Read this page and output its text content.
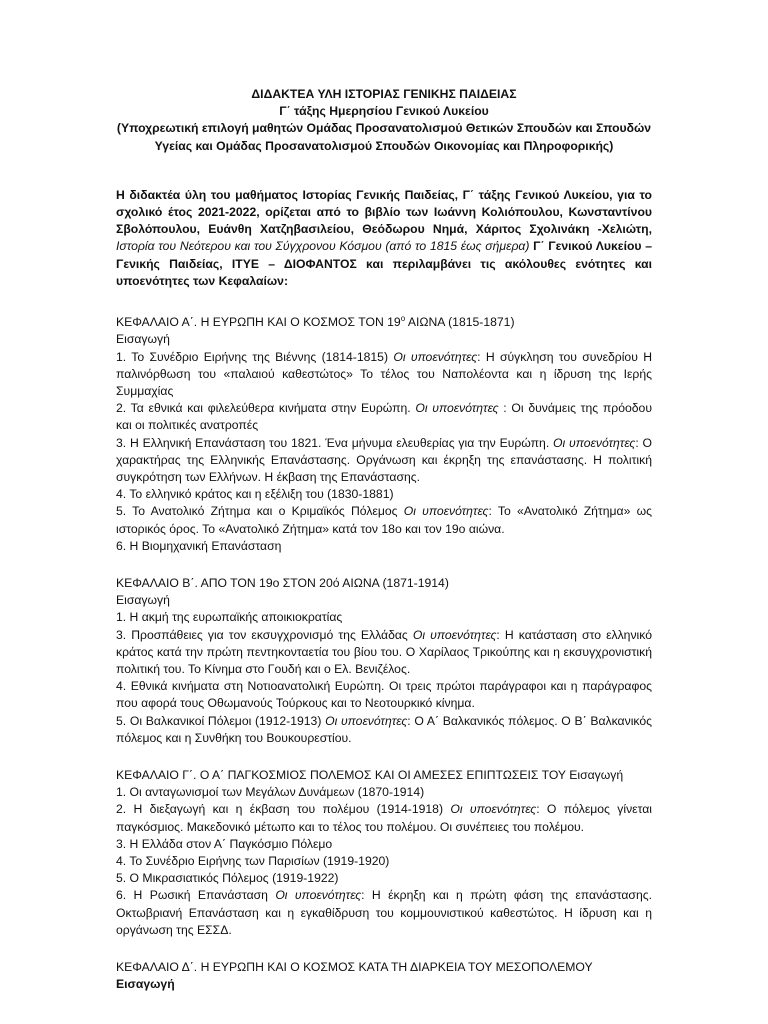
ΔΙΔΑΚΤΕΑ ΥΛΗ ΙΣΤΟΡΙΑΣ ΓΕΝΙΚΗΣ ΠΑΙΔΕΙΑΣ
Γ΄ τάξης Ημερησίου Γενικού Λυκείου
(Υποχρεωτική επιλογή μαθητών Ομάδας Προσανατολισμού Θετικών Σπουδών και Σπουδών
Υγείας και Ομάδας Προσανατολισμού Σπουδών Οικονομίας και Πληροφορικής)
Η διδακτέα ύλη του μαθήματος Ιστορίας Γενικής Παιδείας, Γ΄ τάξης Γενικού Λυκείου, για το σχολικό έτος 2021-2022, ορίζεται από το βιβλίο των Ιωάννη Κολιόπουλου, Κωνσταντίνου Σβολόπουλου, Ευάνθη Χατζηβασιλείου, Θεόδωρου Νημά, Χάριτος Σχολινάκη -Χελιώτη, Ιστορία του Νεότερου και του Σύγχρονου Κόσμου (από το 1815 έως σήμερα) Γ΄ Γενικού Λυκείου – Γενικής Παιδείας, ΙΤΥΕ – ΔΙΟΦΑΝΤΟΣ και περιλαμβάνει τις ακόλουθες ενότητες και υποενότητες των Κεφαλαίων:
ΚΕΦΑΛΑΙΟ Α΄. Η ΕΥΡΩΠΗ ΚΑΙ Ο ΚΟΣΜΟΣ ΤΟΝ $19^o$ ΑΙΩΝΑ (1815-1871)
Εισαγωγή
1. Το Συνέδριο Ειρήνης της Βιέννης (1814-1815) Οι υποενότητες: Η σύγκληση του συνεδρίου Η παλινόρθωση του «παλαιού καθεστώτος» Το τέλος του Ναπολέοντα και η ίδρυση της Ιερής Συμμαχίας
2. Τα εθνικά και φιλελεύθερα κινήματα στην Ευρώπη. Οι υποενότητες : Οι δυνάμεις της πρόοδου και οι πολιτικές ανατροπές
3. Η Ελληνική Επανάσταση του 1821. Ένα μήνυμα ελευθερίας για την Ευρώπη. Οι υποενότητες: Ο χαρακτήρας της Ελληνικής Επανάστασης. Οργάνωση και έκρηξη της επανάστασης. Η πολιτική συγκρότηση των Ελλήνων. Η έκβαση της Επανάστασης.
4. Το ελληνικό κράτος και η εξέλιξη του (1830-1881)
5. Το Ανατολικό Ζήτημα και ο Κριμαϊκός Πόλεμος Οι υποενότητες: Το «Ανατολικό Ζήτημα» ως ιστορικός όρος. Το «Ανατολικό Ζήτημα» κατά τον 18ο και τον 19ο αιώνα.
6. Η Βιομηχανική Επανάσταση
ΚΕΦΑΛΑΙΟ Β΄. ΑΠΟ ΤΟΝ 19ο ΣΤΟΝ 20ό ΑΙΩΝΑ (1871-1914)
Εισαγωγή
1. Η ακμή της ευρωπαϊκής αποικιοκρατίας
3. Προσπάθειες για τον εκσυγχρονισμό της Ελλάδας Οι υποενότητες: Η κατάσταση στο ελληνικό κράτος κατά την πρώτη πεντηκονταετία του βίου του. Ο Χαρίλαος Τρικούπης και η εκσυγχρονιστική πολιτική του. Το Κίνημα στο Γουδή και ο Ελ. Βενιζέλος.
4. Εθνικά κινήματα στη Νοτιοανατολική Ευρώπη. Οι τρεις πρώτοι παράγραφοι και η παράγραφος που αφορά τους Οθωμανούς Τούρκους και το Νεοτουρκικό κίνημα.
5. Οι Βαλκανικοί Πόλεμοι (1912-1913) Οι υποενότητες: Ο Α΄ Βαλκανικός πόλεμος. Ο Β΄ Βαλκανικός πόλεμος και η Συνθήκη του Βουκουρεστίου.
ΚΕΦΑΛΑΙΟ Γ΄. Ο Α΄ ΠΑΓΚΟΣΜΙΟΣ ΠΟΛΕΜΟΣ ΚΑΙ ΟΙ ΑΜΕΣΕΣ ΕΠΙΠΤΩΣΕΙΣ ΤΟΥ Εισαγωγή
1. Οι ανταγωνισμοί των Μεγάλων Δυνάμεων (1870-1914)
2. Η διεξαγωγή και η έκβαση του πολέμου (1914-1918) Οι υποενότητες: Ο πόλεμος γίνεται παγκόσμιος. Μακεδονικό μέτωπο και το τέλος του πολέμου. Οι συνέπειες του πολέμου.
3. Η Ελλάδα στον Α΄ Παγκόσμιο Πόλεμο
4. Το Συνέδριο Ειρήνης των Παρισίων (1919-1920)
5. Ο Μικρασιατικός Πόλεμος (1919-1922)
6. Η Ρωσική Επανάσταση Οι υποενότητες: Η έκρηξη και η πρώτη φάση της επανάστασης. Οκτωβριανή Επανάσταση και η εγκαθίδρυση του κομμουνιστικού καθεστώτος. Η ίδρυση και η οργάνωση της ΕΣΣΔ.
ΚΕΦΑΛΑΙΟ Δ΄. Η ΕΥΡΩΠΗ ΚΑΙ Ο ΚΟΣΜΟΣ ΚΑΤΑ ΤΗ ΔΙΑΡΚΕΙΑ ΤΟΥ ΜΕΣΟΠΟΛΕΜΟΥ
Εισαγωγή
